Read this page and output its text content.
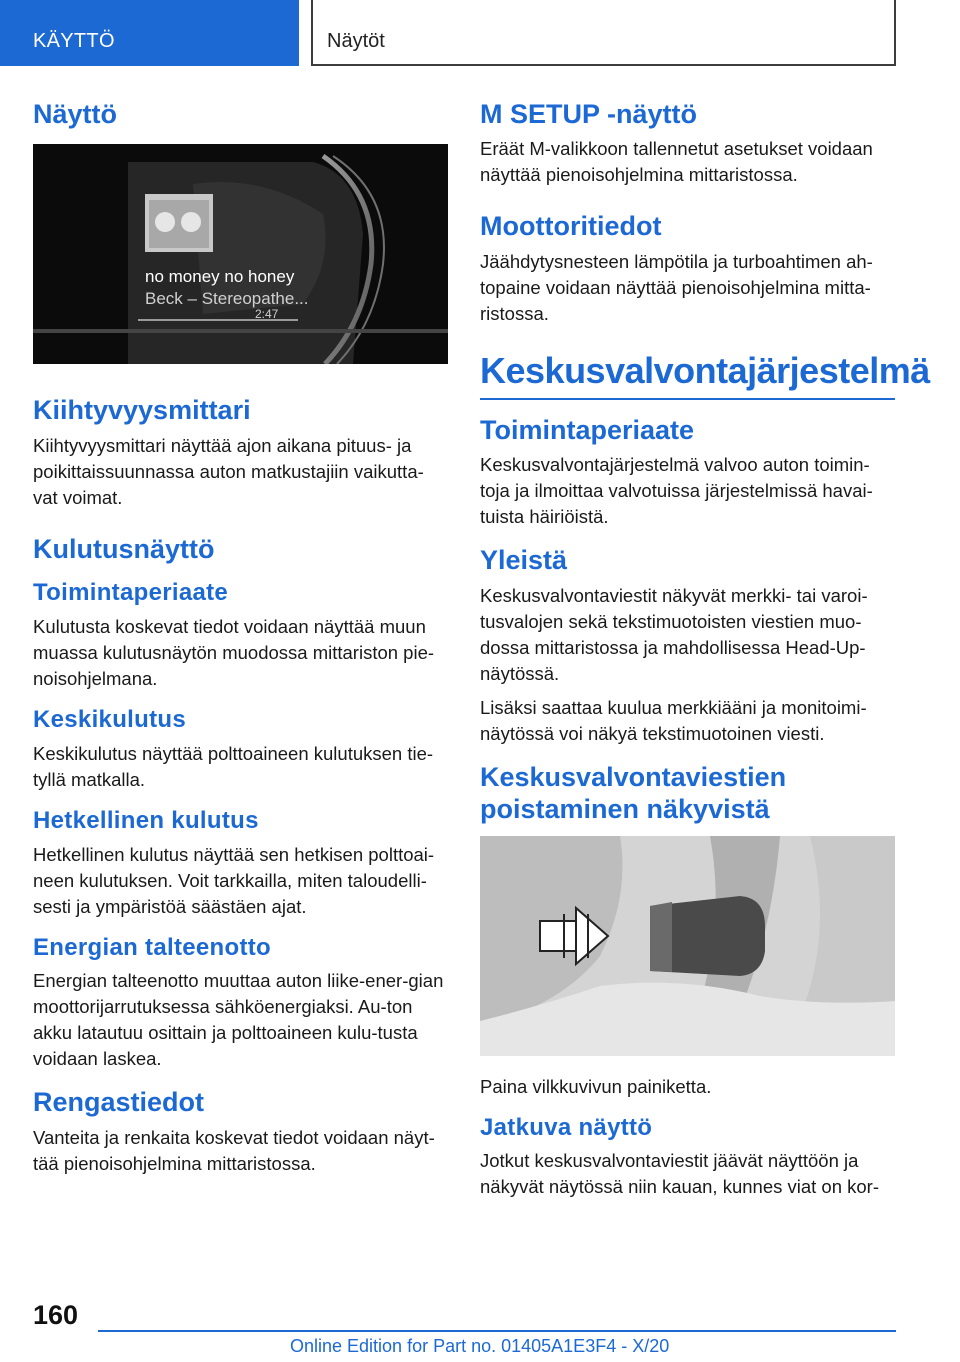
KÄYTTÖ	Näytöt
Näyttö
no money no honey
Beck – Stereopathe...
2:47
Kiihtyvyysmittari

Kiihtyvyysmittari näyttää ajon aikana pituus- ja poikittaissuunnassa auton matkustajiin vaikutta-vat voimat.

Kulutusnäyttö
Toimintaperiaate

Kulutusta koskevat tiedot voidaan näyttää muun muassa kulutusnäytön muodossa mittariston pie-noisohjelmana.

Keskikulutus

Keskikulutus näyttää polttoaineen kulutuksen tie-tyllä matkalla.

Hetkellinen kulutus

Hetkellinen kulutus näyttää sen hetkisen polttoai-neen kulutuksen. Voit tarkkailla, miten taloudelli-sesti ja ympäristöä säästäen ajat.

Energian talteenotto

Energian talteenotto muuttaa auton liike-ener-gian moottorijarrutuksessa sähköenergiaksi. Au-ton akku latautuu osittain ja polttoaineen kulu-tusta voidaan laskea.

Rengastiedot

Vanteita ja renkaita koskevat tiedot voidaan näyt-tää pienoisohjelmina mittaristossa.

M SETUP -näyttö

Eräät M-valikkoon tallennetut asetukset voidaan näyttää pienoisohjelmina mittaristossa.

Moottoritiedot

Jäähdytysnesteen lämpötila ja turboahtimen ah-topaine voidaan näyttää pienoisohjelmina mitta-ristossa.

Keskusvalvontajärjestelmä
Toimintaperiaate

Keskusvalvontajärjestelmä valvoo auton toimin-toja ja ilmoittaa valvotuissa järjestelmissä havai-tuista häiriöistä.

Yleistä

Keskusvalvontaviestit näkyvät merkki- tai varoi-tusvalojen sekä tekstimuotoisten viestien muo-dossa mittaristossa ja mahdollisessa Head-Up-näytössä.

Lisäksi saattaa kuulua merkkiääni ja monitoimi-näytössä voi näkyä tekstimuotoinen viesti.

Keskusvalvontaviestien poistaminen näkyvistä

Paina vilkkuvivun painiketta.

Jatkuva näyttö

Jotkut keskusvalvontaviestit jäävät näyttöön ja näkyvät näytössä niin kauan, kunnes viat on kor-

160
Online Edition for Part no. 01405A1E3F4 - X/20
